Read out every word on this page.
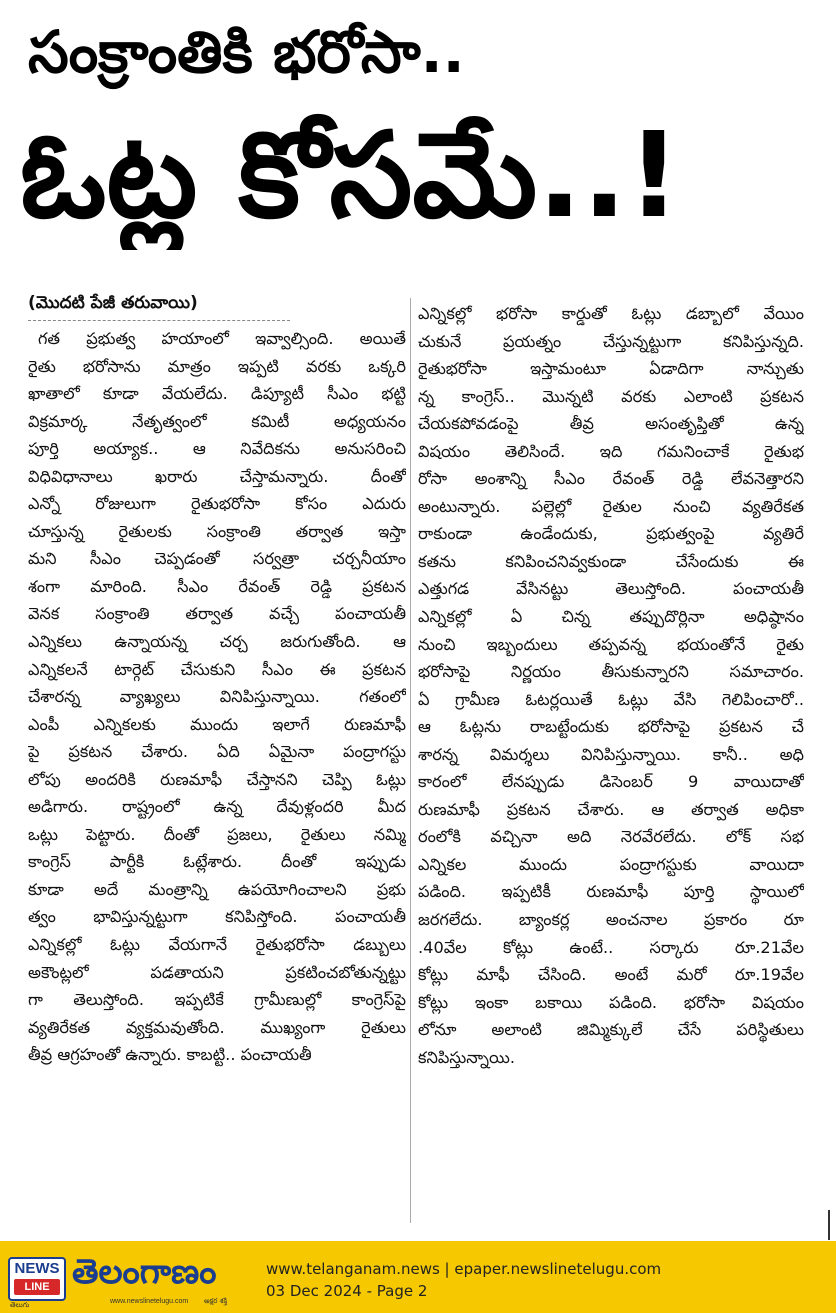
సంక్రాంతికి భరోసా..
ఓట్ల కోసమే..!
(మొదటి పేజీ తరువాయి)
గత ప్రభుత్వ హయాంలో ఇవ్వాల్సింది. అయితే
రైతు భరోసాను మాత్రం ఇప్పటి వరకు ఒక్కరి
ఖాతాలో కూడా వేయలేదు. డిప్యూటీ సీఎం భట్టి
విక్రమార్క నేతృత్వంలో కమిటీ అధ్యయనం
పూర్తి అయ్యాక.. ఆ నివేదికను అనుసరించి
విధివిధానాలు ఖరారు చేస్తామన్నారు. దీంతో
ఎన్నో రోజులుగా రైతుభరోసా కోసం ఎదురు
చూస్తున్న రైతులకు సంక్రాంతి తర్వాత ఇస్తా
మని సీఎం చెప్పడంతో సర్వత్రా చర్చనీయాం
శంగా మారింది. సీఎం రేవంత్ రెడ్డి ప్రకటన
వెనక సంక్రాంతి తర్వాత వచ్చే పంచాయతీ
ఎన్నికలు ఉన్నాయన్న చర్చ జరుగుతోంది. ఆ
ఎన్నికలనే టార్గెట్ చేసుకుని సీఎం ఈ ప్రకటన
చేశారన్న వ్యాఖ్యలు వినిపిస్తున్నాయి. గతంలో
ఎంపీ ఎన్నికలకు ముందు ఇలాగే రుణమాఫీ
పై ప్రకటన చేశారు. ఏది ఏమైనా పంద్రాగస్టు
లోపు అందరికి రుణమాఫీ చేస్తానని చెప్పి ఓట్లు
అడిగారు. రాష్ట్రంలో ఉన్న దేవుళ్లందరి మీద
ఒట్లు పెట్టారు. దీంతో ప్రజలు, రైతులు నమ్మి
కాంగ్రెస్ పార్టీకి ఓట్లేశారు. దీంతో ఇప్పుడు
కూడా అదే మంత్రాన్ని ఉపయోగించాలని ప్రభు
త్వం భావిస్తున్నట్టుగా కనిపిస్తోంది. పంచాయతీ
ఎన్నికల్లో ఓట్లు వేయగానే రైతుభరోసా డబ్బులు
అకౌంట్లలో పడతాయని ప్రకటించబోతున్నట్టు
గా తెలుస్తోంది. ఇప్పటికే గ్రామీణుల్లో కాంగ్రెస్‌పై
వ్యతిరేకత వ్యక్తమవుతోంది. ముఖ్యంగా రైతులు
తీవ్ర ఆగ్రహంతో ఉన్నారు. కాబట్టి.. పంచాయతీ
ఎన్నికల్లో భరోసా కార్డుతో ఓట్లు డబ్బాలో వేయిం
చుకునే ప్రయత్నం చేస్తున్నట్టుగా కనిపిస్తున్నది.
రైతుభరోసా ఇస్తామంటూ ఏడాదిగా నాన్చుతు
న్న కాంగ్రెస్.. మొన్నటి వరకు ఎలాంటి ప్రకటన
చేయకపోవడంపై తీవ్ర అసంతృప్తితో ఉన్న
విషయం తెలిసిందే. ఇది గమనించాకే రైతుభ
రోసా అంశాన్ని సీఎం రేవంత్ రెడ్డి లేవనెత్తారని
అంటున్నారు. పల్లెల్లో రైతుల నుంచి వ్యతిరేకత
రాకుండా ఉండేందుకు, ప్రభుత్వంపై వ్యతిరే
కతను కనిపించనివ్వకుండా చేసేందుకు ఈ
ఎత్తుగడ వేసినట్టు తెలుస్తోంది. పంచాయతీ
ఎన్నికల్లో ఏ చిన్న తప్పుదొర్లినా అధిష్ఠానం
నుంచి ఇబ్బందులు తప్పవన్న భయంతోనే రైతు
భరోసాపై నిర్ణయం తీసుకున్నారని సమాచారం.
ఏ గ్రామీణ ఓటర్లయితే ఓట్లు వేసి గెలిపించారో..
ఆ ఓట్లను రాబట్టేందుకు భరోసాపై ప్రకటన చే
శారన్న విమర్శలు వినిపిస్తున్నాయి. కానీ.. అధి
కారంలో లేనప్పుడు డిసెంబర్ 9 వాయిదాతో
రుణమాఫీ ప్రకటన చేశారు. ఆ తర్వాత అధికా
రంలోకి వచ్చినా అది నెరవేరలేదు. లోక్ సభ
ఎన్నికల ముందు పంద్రాగస్టుకు వాయిదా
పడింది. ఇప్పటికీ రుణమాఫీ పూర్తి స్థాయిలో
జరగలేదు. బ్యాంకర్ల అంచనాల ప్రకారం రూ
.40వేల కోట్లు ఉంటే.. సర్కారు రూ.21వేల
కోట్లు మాఫీ చేసింది. అంటే మరో రూ.19వేల
కోట్లు ఇంకా బకాయి పడింది. భరోసా విషయం
లోనూ అలాంటి జిమ్మిక్కులే చేసే పరిస్థితులు
కనిపిస్తున్నాయి.
NEWS
LINE
తెలుగు
తెలంగాణం
www.newslinetelugu.com అక్షర శక్తి
www.telanganam.news | epaper.newslinetelugu.com
03 Dec 2024 - Page 2
